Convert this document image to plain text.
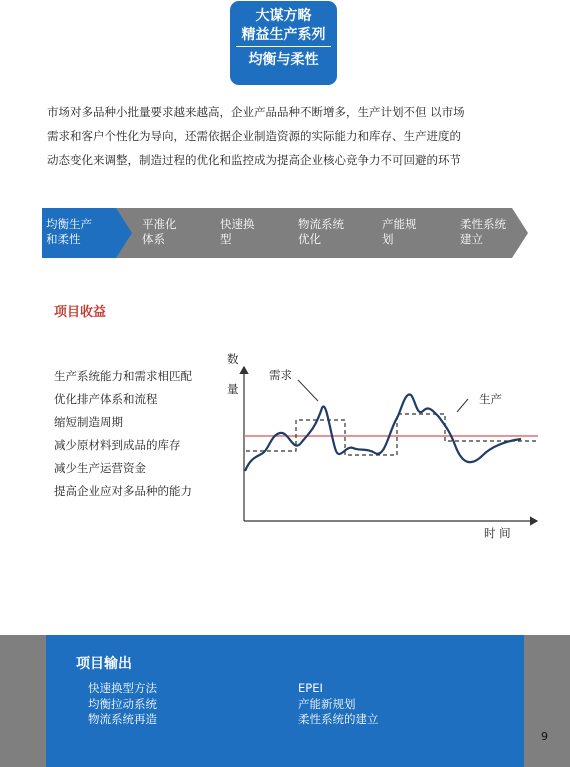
大谋方略
精益生产系列
均衡与柔性
市场对多品种小批量要求越来越高，企业产品品种不断增多，生产计划不但 以市场
需求和客户个性化为导向，还需依据企业制造资源的实际能力和库存、生产进度的
动态变化来调整，制造过程的优化和监控成为提高企业核心竞争力不可回避的环节
均衡生产
和柔性
平准化
体系
快速换
型
物流系统
优化
产能规
划
柔性系统
建立
项目收益
生产系统能力和需求相匹配
优化排产体系和流程
缩短制造周期
减少原材料到成品的库存
减少生产运营资金
提高企业应对多品种的能力
数
量
时 间
需求
生产
项目输出
快速换型方法
均衡拉动系统
物流系统再造
EPEI
产能新规划
柔性系统的建立
9
